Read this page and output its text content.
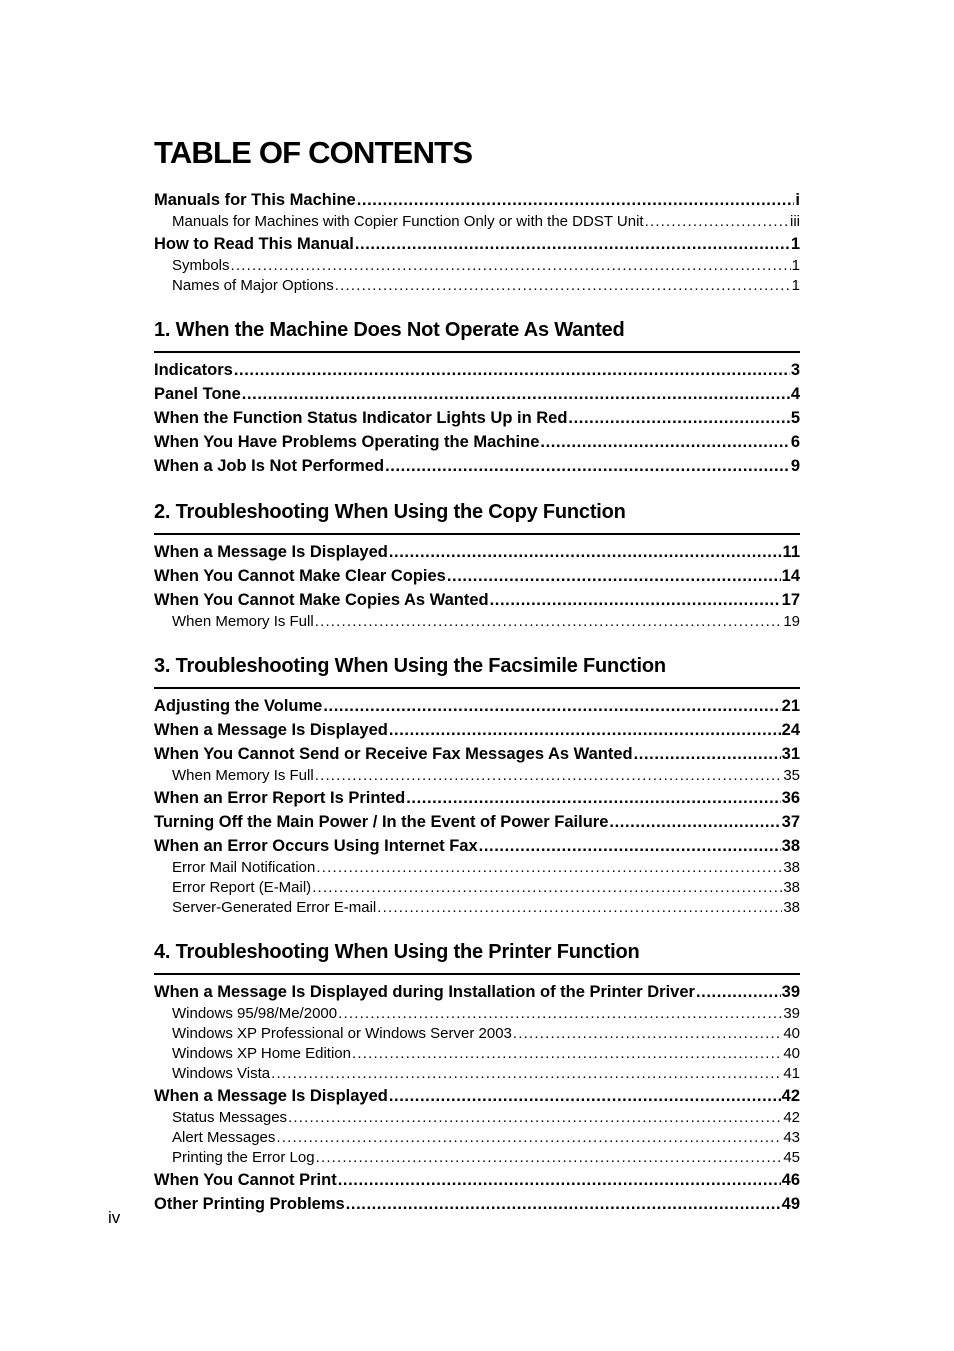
TABLE OF CONTENTS
Manuals for This Machine .....	i
Manuals for Machines with Copier Function Only or with the DDST Unit .....	iii
How to Read This Manual .....	1
Symbols .....	1
Names of Major Options .....	1
1. When the Machine Does Not Operate As Wanted
Indicators .....	3
Panel Tone .....	4
When the Function Status Indicator Lights Up in Red .....	5
When You Have Problems Operating the Machine .....	6
When a Job Is Not Performed .....	9
2. Troubleshooting When Using the Copy Function
When a Message Is Displayed .....	11
When You Cannot Make Clear Copies .....	14
When You Cannot Make Copies As Wanted .....	17
When Memory Is Full .....	19
3. Troubleshooting When Using the Facsimile Function
Adjusting the Volume .....	21
When a Message Is Displayed .....	24
When You Cannot Send or Receive Fax Messages As Wanted .....	31
When Memory Is Full .....	35
When an Error Report Is Printed .....	36
Turning Off the Main Power / In the Event of Power Failure .....	37
When an Error Occurs Using Internet Fax .....	38
Error Mail Notification .....	38
Error Report (E-Mail) .....	38
Server-Generated Error E-mail .....	38
4. Troubleshooting When Using the Printer Function
When a Message Is Displayed during Installation of the Printer Driver .....	39
Windows 95/98/Me/2000 .....	39
Windows XP Professional or Windows Server 2003 .....	40
Windows XP Home Edition .....	40
Windows Vista .....	41
When a Message Is Displayed .....	42
Status Messages .....	42
Alert Messages .....	43
Printing the Error Log .....	45
When You Cannot Print .....	46
Other Printing Problems .....	49
iv
